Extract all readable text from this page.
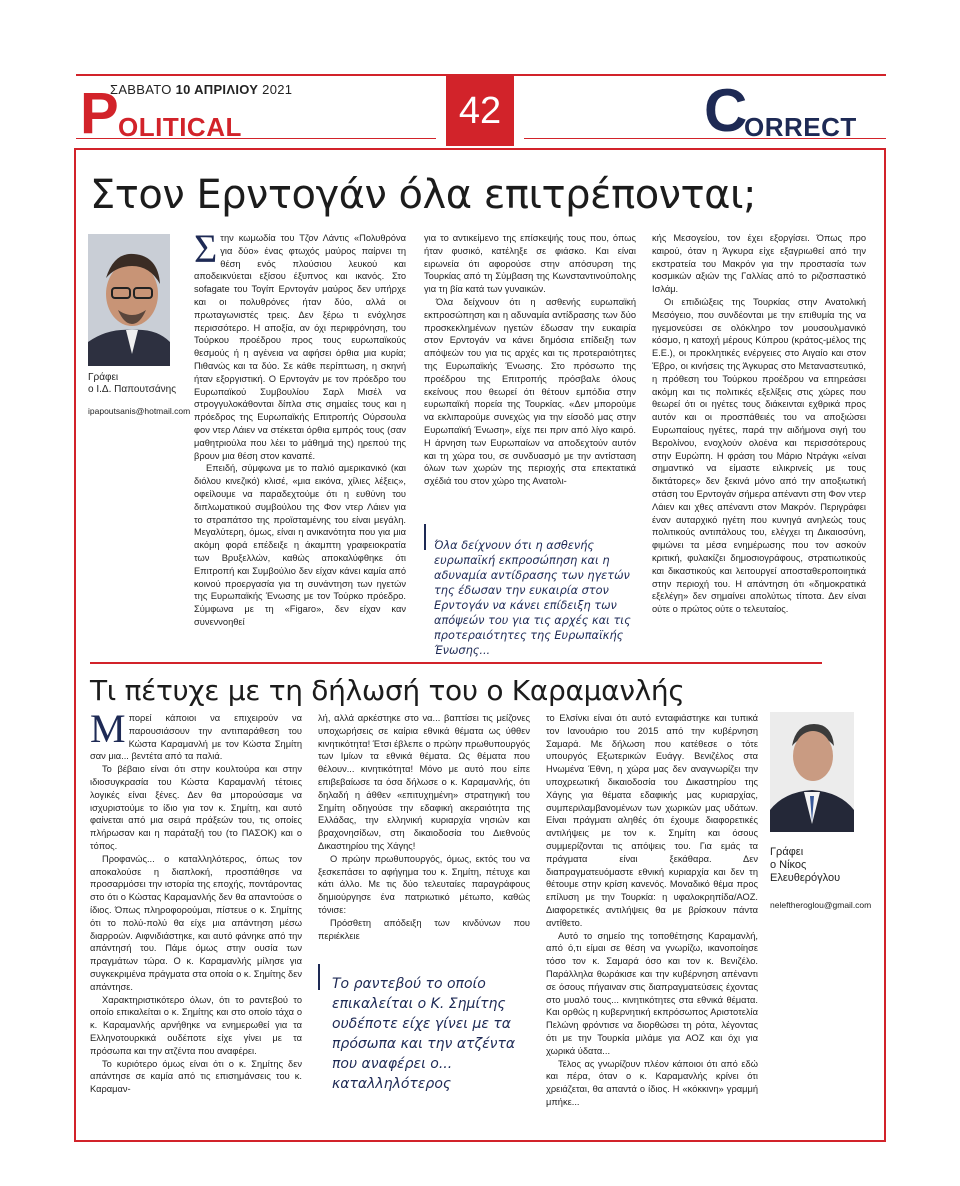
ΣΑΒΒΑΤΟ 10 ΑΠΡΙΛΙΟΥ 2021	42
P OLITICAL	C
ORRECT
Στον Ερντογάν όλα επιτρέπονται;
Γράφει
ο Ι.Δ. Παπουτσάνης
ipapoutsanis@hotmail.com

Στην κωμωδία του Τζον Λάντις «Πολυθρόνα για δύο» ένας φτωχός μαύρος παίρνει τη θέση ενός πλούσιου λευκού και αποδεικνύεται εξίσου έξυπνος και ικανός. Στο sofagate του Τογίπ Ερντογάν μαύρος δεν υπήρχε και οι πολυθρόνες ήταν δύο, αλλά οι πρωταγωνιστές τρεις. Δεν ξέρω τι ενόχλησε περισσότερο. Η αποξία, αν όχι περιφρόνηση, του Τούρκου προέδρου προς τους ευρωπαϊκούς θεσμούς ή η αγένεια να αφήσει όρθια μια κυρία; Πιθανώς και τα δύο. Σε κάθε περίπτωση, η σκηνή ήταν εξοργιστική. Ο Ερντογάν με τον πρόεδρο του Ευρωπαϊκού Συμβουλίου Σαρλ Μισέλ να στρογγυλοκάθονται δίπλα στις σημαίες τους και η πρόεδρος της Ευρωπαϊκής Επιτροπής Ούρσουλα φον ντερ Λάιεν να στέκεται όρθια εμπρός τους (σαν μαθητριούλα που λέει το μάθημά της) ηρεπού της βρουν μια θέση στον καναπέ.

Επειδή, σύμφωνα με το παλιό αμερικανικό (και διόλου κινεζικό) κλισέ, «μια εικόνα, χίλιες λέξεις», οφείλουμε να παραδεχτούμε ότι η ευθύνη του διπλωματικού συμβούλου της Φον ντερ Λάιεν για το στραπάτσο της προϊσταμένης του είναι μεγάλη. Μεγαλύτερη, όμως, είναι η ανικανότητα που για μια ακόμη φορά επέδειξε η άκαμπτη γραφειοκρατία των Βρυξελλών, καθώς αποκαλύφθηκε ότι Επιτροπή και Συμβούλιο δεν είχαν κάνει καμία από κοινού προεργασία για τη συνάντηση των ηγετών της Ευρωπαϊκής Ένωσης με τον Τούρκο πρόεδρο. Σύμφωνα με τη «Figaro», δεν είχαν καν συνεννοηθεί

για το αντικείμενο της επίσκεψής τους που, όπως ήταν φυσικό, κατέληξε σε φιάσκο. Και είναι ειρωνεία ότι αφορούσε στην απόσυρση της Τουρκίας από τη Σύμβαση της Κωνσταντινούπολης για τη βία κατά των γυναικών.

Όλα δείχνουν ότι η ασθενής ευρωπαϊκή εκπροσώπηση και η αδυναμία αντίδρασης των δύο προσκεκλημένων ηγετών έδωσαν την ευκαιρία στον Ερντογάν να κάνει δημόσια επίδειξη των απόψεών του για τις αρχές και τις προτεραιότητες της Ευρωπαϊκής Ένωσης. Στο πρόσωπο της προέδρου της Επιτροπής πρόσβαλε όλους εκείνους που θεωρεί ότι θέτουν εμπόδια στην ευρωπαϊκή πορεία της Τουρκίας. «Δεν μπορούμε να εκλιπαρούμε συνεχώς για την είσοδό μας στην Ευρωπαϊκή Ένωση», είχε πει πριν από λίγο καιρό. Η άρνηση των Ευρωπαίων να αποδεχτούν αυτόν και τη χώρα του, σε συνδυασμό με την αντίσταση όλων των χωρών της περιοχής στα επεκτατικά σχέδιά του στον χώρο της Ανατολι-

Όλα δείχνουν ότι η ασθενής ευρωπαϊκή εκπροσώπηση και η αδυναμία αντίδρασης των ηγετών της έδωσαν την ευκαιρία στον Ερντογάν να κάνει επίδειξη των απόψεών του για τις αρχές και τις προτεραιότητες της Ευρωπαϊκής Ένωσης...

κής Μεσογείου, τον έχει εξοργίσει. Όπως προ καιρού, όταν η Άγκυρα είχε εξαγριωθεί από την εκστρατεία του Μακρόν για την προστασία των κοσμικών αξιών της Γαλλίας από το ριζοσπαστικό Ισλάμ.

Οι επιδιώξεις της Τουρκίας στην Ανατολική Μεσόγειο, που συνδέονται με την επιθυμία της να ηγεμονεύσει σε ολόκληρο τον μουσουλμανικό κόσμο, η κατοχή μέρους Κύπρου (κράτος-μέλος της Ε.Ε.), οι προκλητικές ενέργειες στο Αιγαίο και στον Έβρο, οι κινήσεις της Άγκυρας στο Μεταναστευτικό, η πρόθεση του Τούρκου προέδρου να επηρεάσει ακόμη και τις πολιτικές εξελίξεις στις χώρες που θεωρεί ότι οι ηγέτες τους διάκεινται εχθρικά προς αυτόν και οι προσπάθειές του να αποξιώσει Ευρωπαίους ηγέτες, παρά την αιδήμονα σιγή του Βερολίνου, ενοχλούν ολοένα και περισσότερους στην Ευρώπη. Η φράση του Μάριο Ντράγκι «είναι σημαντικό να είμαστε ειλικρινείς με τους δικτάτορες» δεν ξεκινά μόνο από την αποξιωτική στάση του Ερντογάν σήμερα απέναντι στη Φον ντερ Λάιεν και χθες απέναντι στον Μακρόν. Περιγράφει έναν αυταρχικό ηγέτη που κυνηγά ανηλεώς τους πολιτικούς αντιπάλους του, ελέγχει τη Δικαιοσύνη, φιμώνει τα μέσα ενημέρωσης που τον ασκούν κριτική, φυλακίζει δημοσιογράφους, στρατιωτικούς και δικαστικούς και λειτουργεί αποσταθεροποιητικά στην περιοχή του. Η απάντηση ότι «δημοκρατικά εξελέγη» δεν σημαίνει απολύτως τίποτα. Δεν είναι ούτε ο πρώτος ούτε ο τελευταίος.

Τι πέτυχε με τη δήλωσή του ο Καραμανλής

Μπορεί κάποιοι να επιχειρούν να παρουσιάσουν την αντιπαράθεση του Κώστα Καραμανλή με τον Κώστα Σημίτη σαν μια... βεντέτα από τα παλιά.

Το βέβαιο είναι ότι στην κουλτούρα και στην ιδιοσυγκρασία του Κώστα Καραμανλή τέτοιες λογικές είναι ξένες. Δεν θα μπορούσαμε να ισχυριστούμε το ίδιο για τον κ. Σημίτη, και αυτό φαίνεται από μια σειρά πράξεών του, τις οποίες πλήρωσαν και η παράταξή του (το ΠΑΣΟΚ) και ο τόπος.

Προφανώς... ο καταλληλότερος, όπως τον αποκαλούσε η διαπλοκή, προσπάθησε να προσαρμόσει την ιστορία της εποχής, ποντάροντας στο ότι ο Κώστας Καραμανλής δεν θα απαντούσε ο ίδιος. Όπως πληροφορούμαι, πίστευε ο κ. Σημίτης ότι το πολύ-πολύ θα είχε μια απάντηση μέσω διαρροών. Αιφνιδιάστηκε, και αυτό φάνηκε από την απάντησή του. Πάμε όμως στην ουσία των πραγμάτων τώρα. Ο κ. Καραμανλής μίλησε για συγκεκριμένα πράγματα στα οποία ο κ. Σημίτης δεν απάντησε.

Χαρακτηριστικότερο όλων, ότι το ραντεβού το οποίο επικαλείται ο κ. Σημίτης και στο οποίο τάχα ο κ. Καραμανλής αρνήθηκε να ενημερωθεί για τα Ελληνοτουρκικά ουδέποτε είχε γίνει με τα πρόσωπα και την ατζέντα που αναφέρει.

Το κυριότερο όμως είναι ότι ο κ. Σημίτης δεν απάντησε σε καμία από τις επισημάνσεις του κ. Καραμαν-

λή, αλλά αρκέστηκε στο να... βαπτίσει τις μείζονες υποχωρήσεις σε καίρια εθνικά θέματα ως ύθθεν κινητικότητα! Έτσι έβλεπε ο πρώην πρωθυπουργός των Ιμίων τα εθνικά θέματα. Ως θέματα που θέλουν... κινητικότητα! Μόνο με αυτό που είπε επιβεβαίωσε τα όσα δήλωσε ο κ. Καραμανλής, ότι δηλαδή η άθθεν «επιτυχημένη» στρατηγική του Σημίτη οδηγούσε την εδαφική ακεραιότητα της Ελλάδας, την ελληνική κυριαρχία νησιών και βραχονησίδων, στη δικαιοδοσία του Διεθνούς Δικαστηρίου της Χάγης!

Ο πρώην πρωθυπουργός, όμως, εκτός του να ξεσκεπάσει το αφήγημα του κ. Σημίτη, πέτυχε και κάτι άλλο. Με τις δύο τελευταίες παραγράφους δημιούργησε ένα πατριωτικό μέτωπο, καθώς τόνισε:

Πρόσθετη απόδειξη των κινδύνων που περιέκλειε

Το ραντεβού το οποίο επικαλείται ο Κ. Σημίτης ουδέποτε είχε γίνει με τα πρόσωπα και την ατζέντα που αναφέρει ο... καταλληλότερος

το Ελσίνκι είναι ότι αυτό ενταφιάστηκε και τυπικά τον Ιανουάριο του 2015 από την κυβέρνηση Σαμαρά. Με δήλωση που κατέθεσε ο τότε υπουργός Εξωτερικών Ευάγγ. Βενιζέλος στα Ηνωμένα Έθνη, η χώρα μας δεν αναγνωρίζει την υποχρεωτική δικαιοδοσία του Δικαστηρίου της Χάγης για θέματα εδαφικής μας κυριαρχίας, συμπεριλαμβανομένων των χωρικών μας υδάτων. Είναι πράγματι αληθές ότι έχουμε διαφορετικές αντιλήψεις με τον κ. Σημίτη και όσους συμμερίζονται τις απόψεις του. Για εμάς τα πράγματα είναι ξεκάθαρα. Δεν διαπραγματευόμαστε εθνική κυριαρχία και δεν τη θέτουμε στην κρίση κανενός. Μοναδικό θέμα προς επίλυση με την Τουρκία: η υφαλοκρηπίδα/ΑΟΖ. Διαφορετικές αντιλήψεις θα με βρίσκουν πάντα αντίθετο.

Αυτό το σημείο της τοποθέτησης Καραμανλή, από ό,τι είμαι σε θέση να γνωρίζω, ικανοποίησε τόσο τον κ. Σαμαρά όσο και τον κ. Βενιζέλο. Παράλληλα θωράκισε και την κυβέρνηση απέναντι σε όσους πήγαιναν στις διαπραγματεύσεις έχοντας στο μυαλό τους... κινητικότητες στα εθνικά θέματα. Και ορθώς η κυβερνητική εκπρόσωπος Αριστοτελία Πελώνη φρόντισε να διορθώσει τη ρότα, λέγοντας ότι με την Τουρκία μιλάμε για ΑΟΖ και όχι για χωρικά ύδατα...

Τέλος ας γνωρίζουν πλέον κάποιοι ότι από εδώ και πέρα, όταν ο κ. Καραμανλής κρίνει ότι χρειάζεται, θα απαντά ο ίδιος. Η «κόκκινη» γραμμή μπήκε...

Γράφει
ο Νίκος
Ελευθερόγλου
neleftheroglou@gmail.com
